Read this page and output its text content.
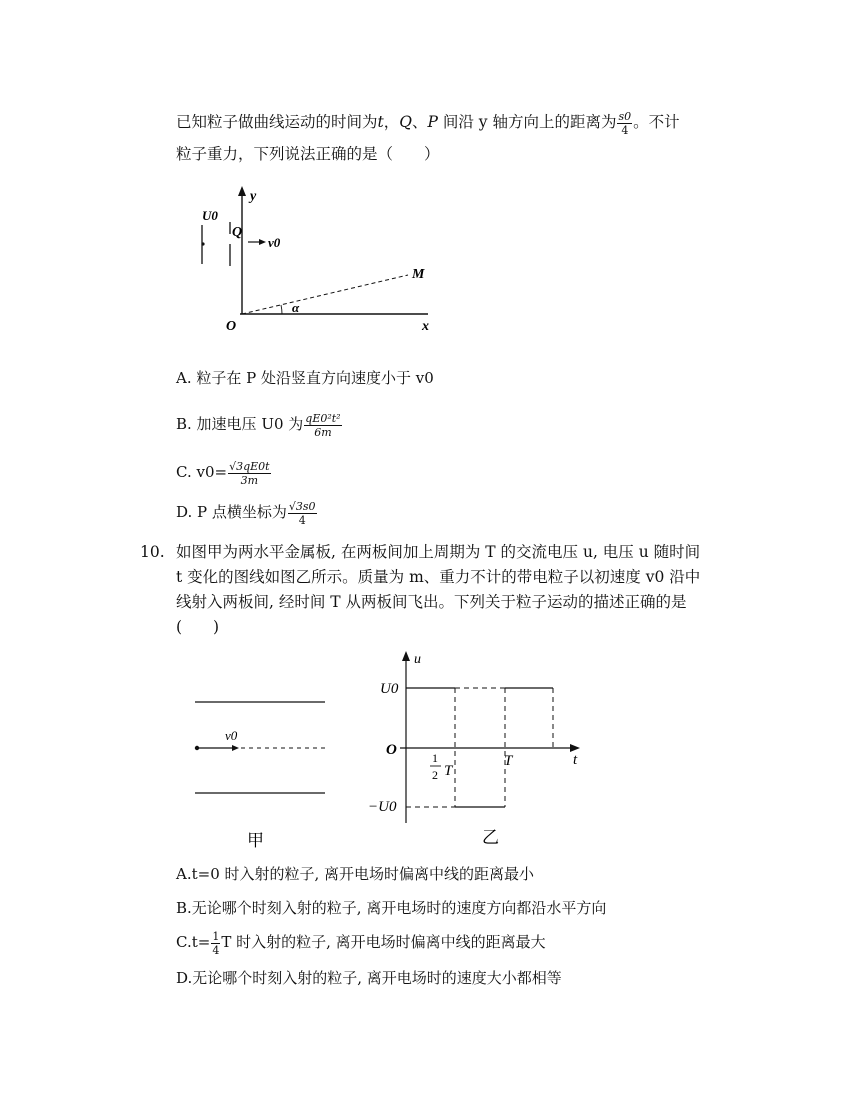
已知粒子做曲线运动的时间为t，Q、P 间沿 y 轴方向上的距离为 $\frac{s0}{4}$ 。不计
粒子重力，下列说法正确的是（　　）
y
U0
Q
v0
M
O
α
x
A. 粒子在 P 处沿竖直方向速度小于 v0
B. 加速电压 U0 为 $\frac{\text{qE0²t²}}{6m}$
C. $v0= \frac{√3qE0t}{3m}$
D. P 点横坐标为 $\frac{√3s0}{4}$
10. 如图甲为两水平金属板, 在两板间加上周期为 T 的交流电压 u, 电压 u 随时间
t 变化的图线如图乙所示。质量为 m、重力不计的带电粒子以初速度 v0 沿中
线射入两板间, 经时间 T 从两板间飞出。下列关于粒子运动的描述正确的是
(　　)
v0
甲
u
U0
O	1
2 T
T	t
−U0
乙
A.t=0 时入射的粒子, 离开电场时偏离中线的距离最小
B.无论哪个时刻入射的粒子, 离开电场时的速度方向都沿水平方向
$C.t= \frac{1}{4}$ T 时入射的粒子, 离开电场时偏离中线的距离最大
D.无论哪个时刻入射的粒子, 离开电场时的速度大小都相等
